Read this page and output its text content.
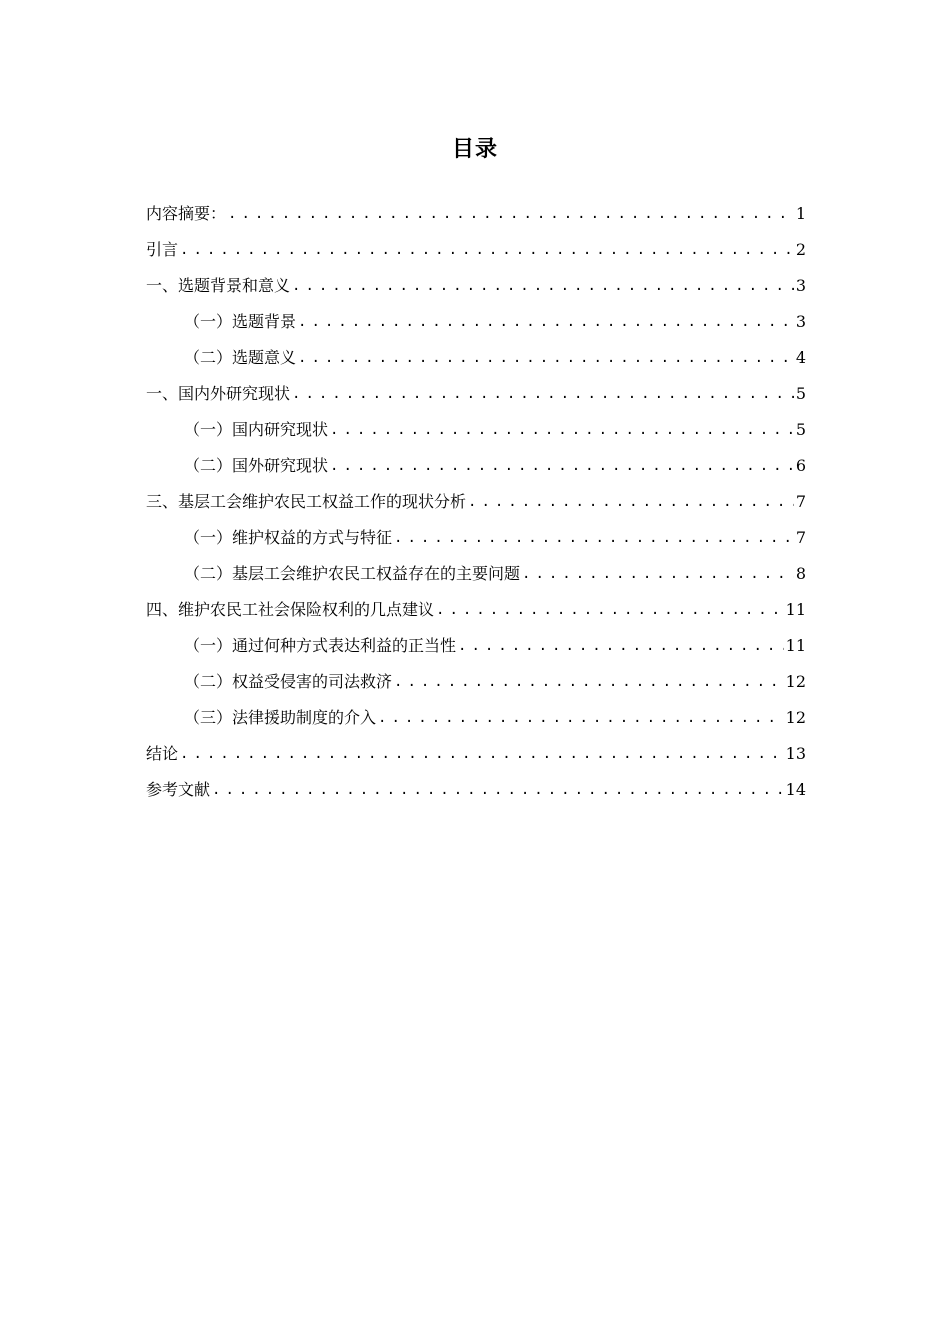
目录
内容摘要： .....	1
引言 .....	2
一、选题背景和意义 .....	3
（一）选题背景 .....	3
（二）选题意义 .....	4
一、国内外研究现状 .....	5
（一）国内研究现状 .....	5
（二）国外研究现状 .....	6
三、基层工会维护农民工权益工作的现状分析 .....	7
（一）维护权益的方式与特征 .....	7
（二）基层工会维护农民工权益存在的主要问题 .....	8
四、维护农民工社会保险权利的几点建议 .....	11
（一）通过何种方式表达利益的正当性 .....	11
（二）权益受侵害的司法救济 .....	12
（三）法律援助制度的介入 .....	12
结论 .....	13
参考文献 .....	14
